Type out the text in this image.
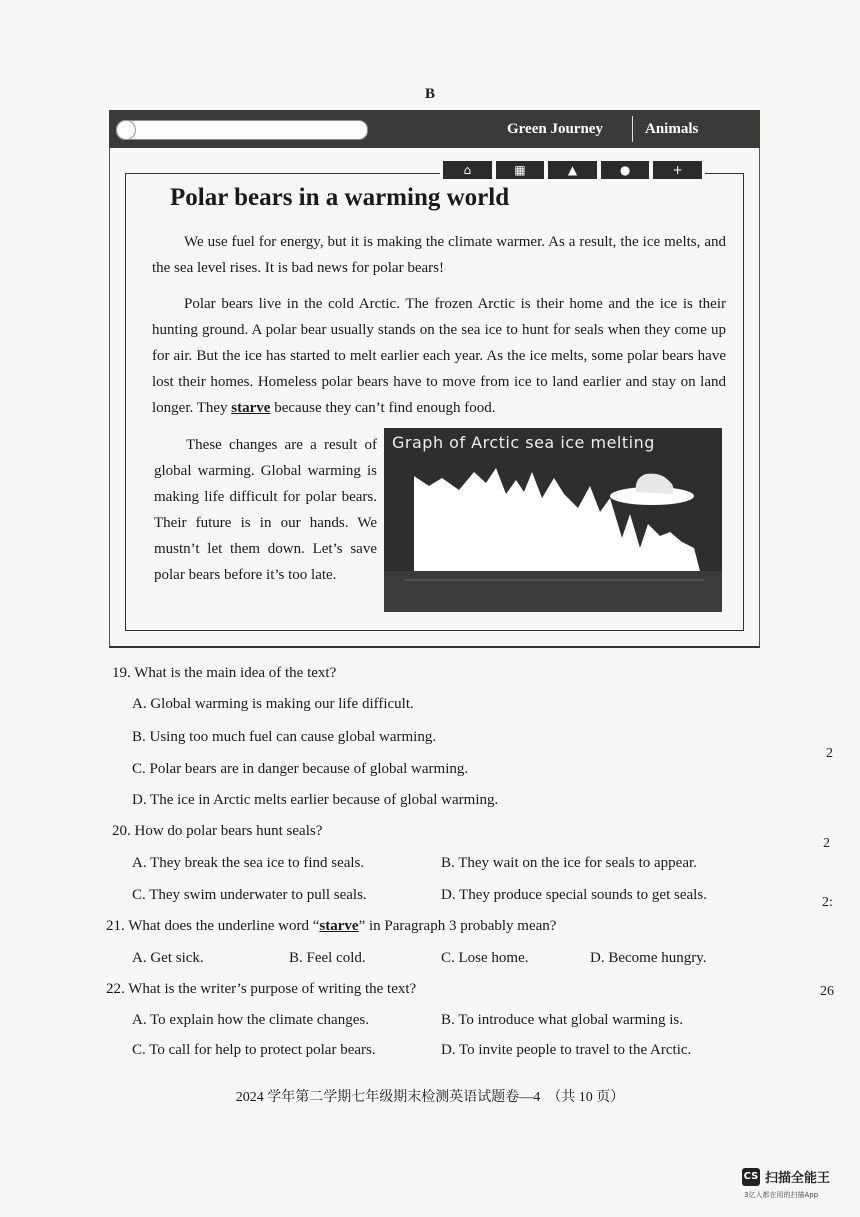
B
Green Journey	Animals
⌂	▦	▲	●	+
Polar bears in a warming world

We use fuel for energy, but it is making the climate warmer. As a result, the ice melts, and the sea level rises. It is bad news for polar bears!

Polar bears live in the cold Arctic. The frozen Arctic is their home and the ice is their hunting ground. A polar bear usually stands on the sea ice to hunt for seals when they come up for air. But the ice has started to melt earlier each year. As the ice melts, some polar bears have lost their homes. Homeless polar bears have to move from ice to land earlier and stay on land longer. They starve because they can’t find enough food.

These changes are a result of global warming. Global warming is making life difficult for polar bears. Their future is in our hands. We mustn’t let them down. Let’s save polar bears before it’s too late.

Graph of Arctic sea ice melting
19. What is the main idea of the text?
A. Global warming is making our life difficult.
B. Using too much fuel can cause global warming.
C. Polar bears are in danger because of global warming.
D. The ice in Arctic melts earlier because of global warming.
20. How do polar bears hunt seals?
A. They break the sea ice to find seals.	B. They wait on the ice for seals to appear.
C. They swim underwater to pull seals.	D. They produce special sounds to get seals.
21. What does the underline word “starve” in Paragraph 3 probably mean?
A. Get sick.	B. Feel cold.	C. Lose home.	D. Become hungry.
22. What is the writer’s purpose of writing the text?
A. To explain how the climate changes.	B. To introduce what global warming is.
C. To call for help to protect polar bears.	D. To invite people to travel to the Arctic.
2
2
2:
26
2024 学年第二学期七年级期末检测英语试题卷—4　（共 10 页）
CS 扫描全能王
3亿人都在用的扫描App
